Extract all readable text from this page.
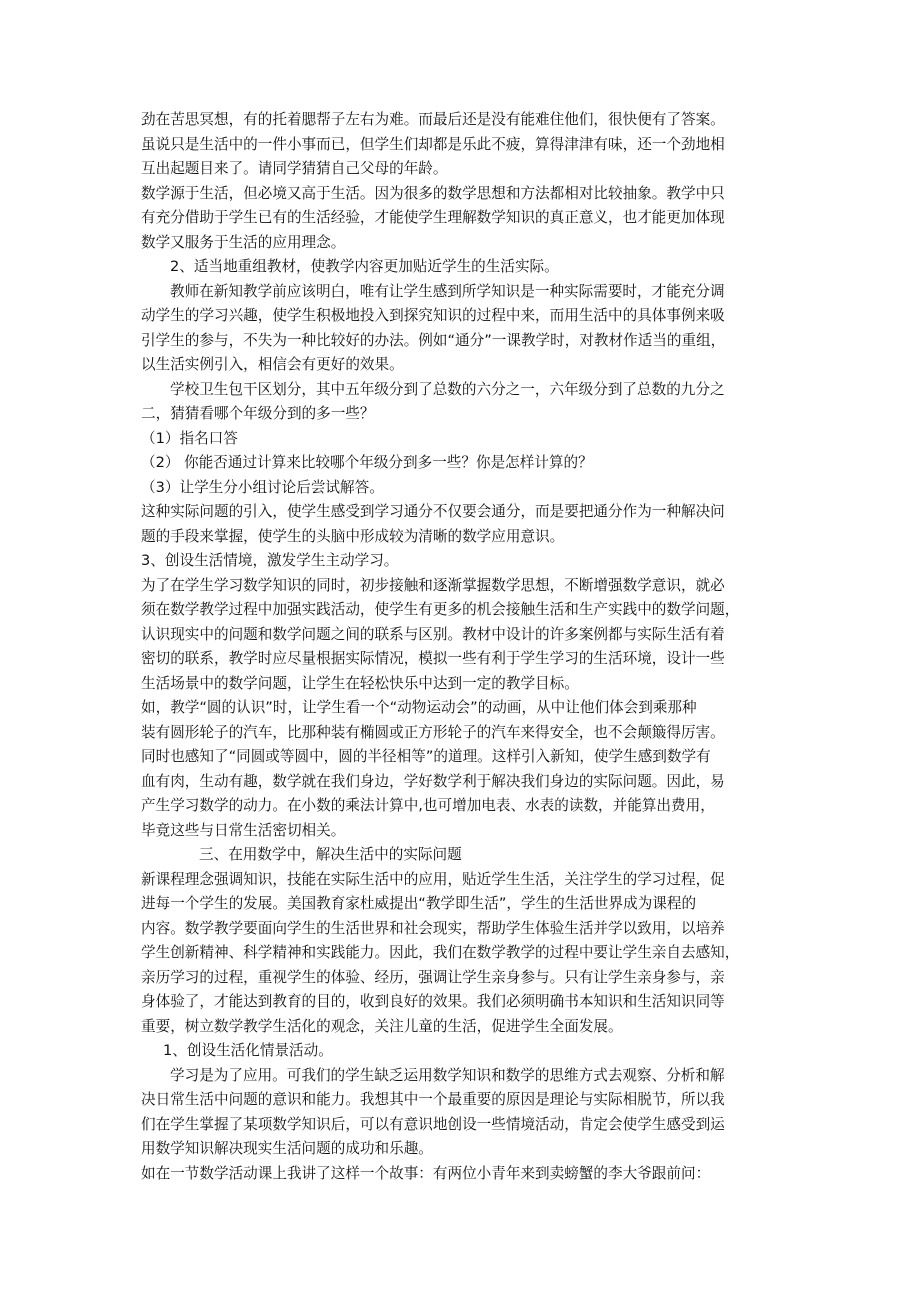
劲在苦思冥想，有的托着腮帮子左右为难。而最后还是没有能难住他们，很快便有了答案。
虽说只是生活中的一件小事而已，但学生们却都是乐此不疲，算得津津有味，还一个劲地相
互出起题目来了。请同学猜猜自己父母的年龄。
数学源于生活，但必境又高于生活。因为很多的数学思想和方法都相对比较抽象。教学中只
有充分借助于学生已有的生活经验，才能使学生理解数学知识的真正意义，也才能更加体现
数学又服务于生活的应用理念。
2、适当地重组教材，使教学内容更加贴近学生的生活实际。
教师在新知教学前应该明白，唯有让学生感到所学知识是一种实际需要时，才能充分调
动学生的学习兴趣，使学生积极地投入到探究知识的过程中来，而用生活中的具体事例来吸
引学生的参与，不失为一种比较好的办法。例如“通分”一课教学时，对教材作适当的重组，
以生活实例引入，相信会有更好的效果。
学校卫生包干区划分，其中五年级分到了总数的六分之一，六年级分到了总数的九分之
二，猜猜看哪个年级分到的多一些？
（1）指名口答
（2） 你能否通过计算来比较哪个年级分到多一些？你是怎样计算的？
（3）让学生分小组讨论后尝试解答。
这种实际问题的引入，使学生感受到学习通分不仅要会通分，而是要把通分作为一种解决问
题的手段来掌握，使学生的头脑中形成较为清晰的数学应用意识。
3、创设生活情境，激发学生主动学习。
为了在学生学习数学知识的同时，初步接触和逐渐掌握数学思想，不断增强数学意识，就必
须在数学教学过程中加强实践活动，使学生有更多的机会接触生活和生产实践中的数学问题，
认识现实中的问题和数学问题之间的联系与区别。教材中设计的许多案例都与实际生活有着
密切的联系，教学时应尽量根据实际情况，模拟一些有利于学生学习的生活环境，设计一些
生活场景中的数学问题，让学生在轻松快乐中达到一定的教学目标。
如，教学“圆的认识”时，让学生看一个“动物运动会”的动画，从中让他们体会到乘那种
装有圆形轮子的汽车，比那种装有椭圆或正方形轮子的汽车来得安全，也不会颠簸得厉害。
同时也感知了“同圆或等圆中，圆的半径相等”的道理。这样引入新知，使学生感到数学有
血有肉，生动有趣，数学就在我们身边，学好数学利于解决我们身边的实际问题。因此，易
产生学习数学的动力。在小数的乘法计算中,也可增加电表、水表的读数，并能算出费用，
毕竟这些与日常生活密切相关。
三、在用数学中，解决生活中的实际问题
新课程理念强调知识，技能在实际生活中的应用，贴近学生生活，关注学生的学习过程，促
进每一个学生的发展。美国教育家杜威提出“教学即生活”，学生的生活世界成为课程的
内容。数学教学要面向学生的生活世界和社会现实，帮助学生体验生活并学以致用，以培养
学生创新精神、科学精神和实践能力。因此，我们在数学教学的过程中要让学生亲自去感知，
亲历学习的过程，重视学生的体验、经历，强调让学生亲身参与。只有让学生亲身参与，亲
身体验了，才能达到教育的目的，收到良好的效果。我们必须明确书本知识和生活知识同等
重要，树立数学教学生活化的观念，关注儿童的生活，促进学生全面发展。
1、创设生活化情景活动。
学习是为了应用。可我们的学生缺乏运用数学知识和数学的思维方式去观察、分析和解
决日常生活中问题的意识和能力。我想其中一个最重要的原因是理论与实际相脱节，所以我
们在学生掌握了某项数学知识后，可以有意识地创设一些情境活动，肯定会使学生感受到运
用数学知识解决现实生活问题的成功和乐趣。
如在一节数学活动课上我讲了这样一个故事：有两位小青年来到卖螃蟹的李大爷跟前问：
